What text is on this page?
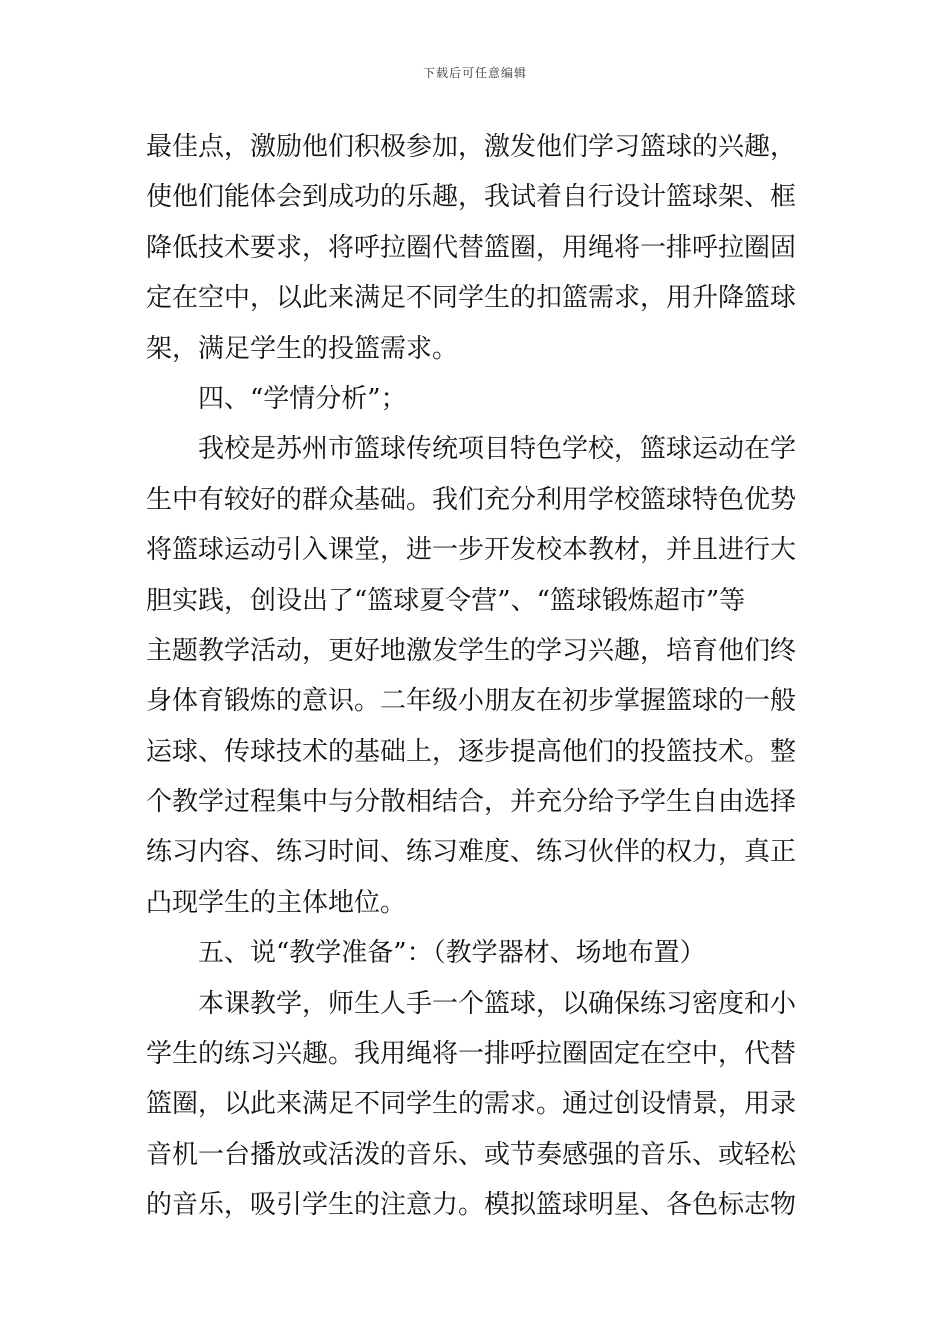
下载后可任意编辑
最佳点，激励他们积极参加，激发他们学习篮球的兴趣，
使他们能体会到成功的乐趣，我试着自行设计篮球架、框
降低技术要求，将呼拉圈代替篮圈，用绳将一排呼拉圈固
定在空中，以此来满足不同学生的扣篮需求，用升降篮球
架，满足学生的投篮需求。
四、“学情分析”；
我校是苏州市篮球传统项目特色学校，篮球运动在学
生中有较好的群众基础。我们充分利用学校篮球特色优势
将篮球运动引入课堂，进一步开发校本教材，并且进行大
胆实践，创设出了“篮球夏令营”、“篮球锻炼超市”等
主题教学活动，更好地激发学生的学习兴趣，培育他们终
身体育锻炼的意识。二年级小朋友在初步掌握篮球的一般
运球、传球技术的基础上，逐步提高他们的投篮技术。整
个教学过程集中与分散相结合，并充分给予学生自由选择
练习内容、练习时间、练习难度、练习伙伴的权力，真正
凸现学生的主体地位。
五、说“教学准备”：（教学器材、场地布置）
本课教学，师生人手一个篮球，以确保练习密度和小
学生的练习兴趣。我用绳将一排呼拉圈固定在空中，代替
篮圈，以此来满足不同学生的需求。通过创设情景，用录
音机一台播放或活泼的音乐、或节奏感强的音乐、或轻松
的音乐，吸引学生的注意力。模拟篮球明星、各色标志物
